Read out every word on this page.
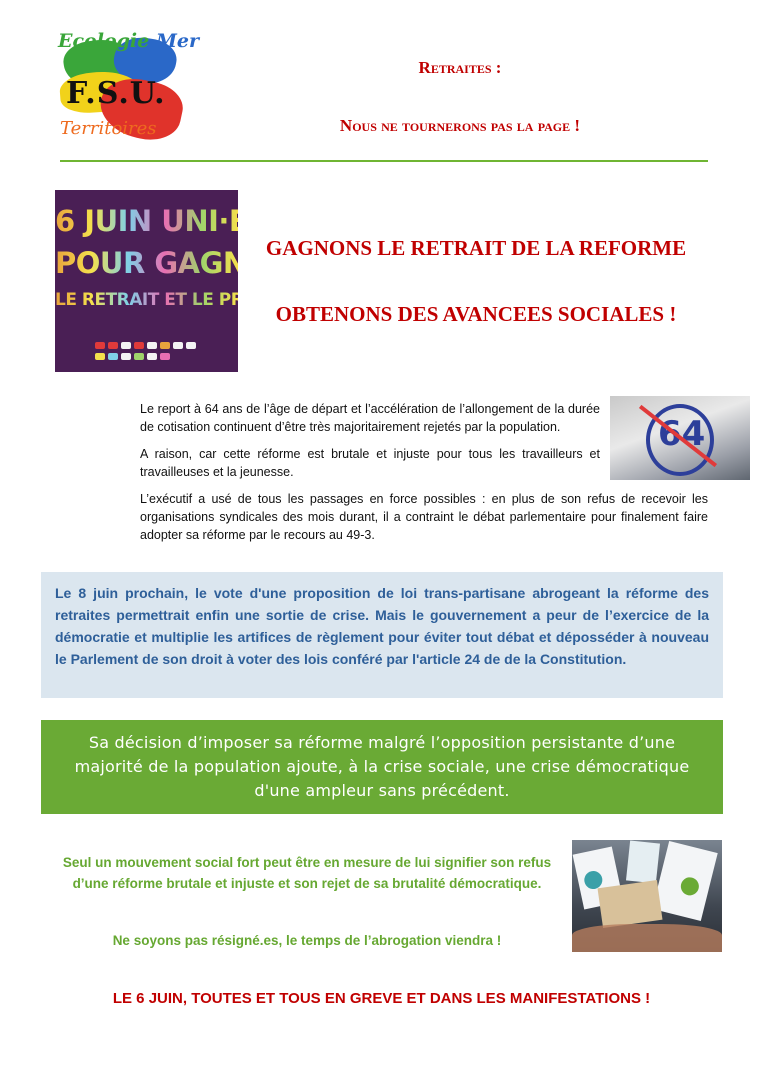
Ecologie Mer
F.S.U.
Territoires
Retraites :
Nous ne tournerons pas la page !
6 JUIN UNI·ES
POUR GAGNER
LE RETRAIT ET LE PROGRÈS
GAGNONS LE RETRAIT DE LA REFORME
OBTENONS DES AVANCEES SOCIALES !

Le report à 64 ans de l’âge de départ et l’accélération de l’allongement de la durée de cotisation continuent d’être très majoritairement rejetés par la population.

A raison, car cette réforme est brutale et injuste pour tous les travailleurs et travailleuses et la jeunesse.

L’exécutif a usé de tous les passages en force possibles : en plus de son refus de recevoir les organisations syndicales des mois durant, il a contraint le débat parlementaire pour finalement faire adopter sa réforme par le recours au 49-3.

64

Le 8 juin prochain, le vote d'une proposition de loi trans-partisane abrogeant la réforme des retraites permettrait enfin une sortie de crise. Mais le gouvernement a peur de l’exercice de la démocratie et multiplie les artifices de règlement pour éviter tout débat et déposséder à nouveau le Parlement de son droit à voter des lois conféré par l'article 24 de de la Constitution.

Sa décision d’imposer sa réforme malgré l’opposition persistante d’une majorité de la population ajoute, à la crise sociale, une crise démocratique d'une ampleur sans précédent.

Seul un mouvement social fort peut être en mesure de lui signifier son refus d’une réforme brutale et injuste et son rejet de sa brutalité démocratique.

Ne soyons pas résigné.es, le temps de l’abrogation viendra !

LE 6 JUIN, TOUTES ET TOUS EN GREVE ET DANS LES MANIFESTATIONS !
